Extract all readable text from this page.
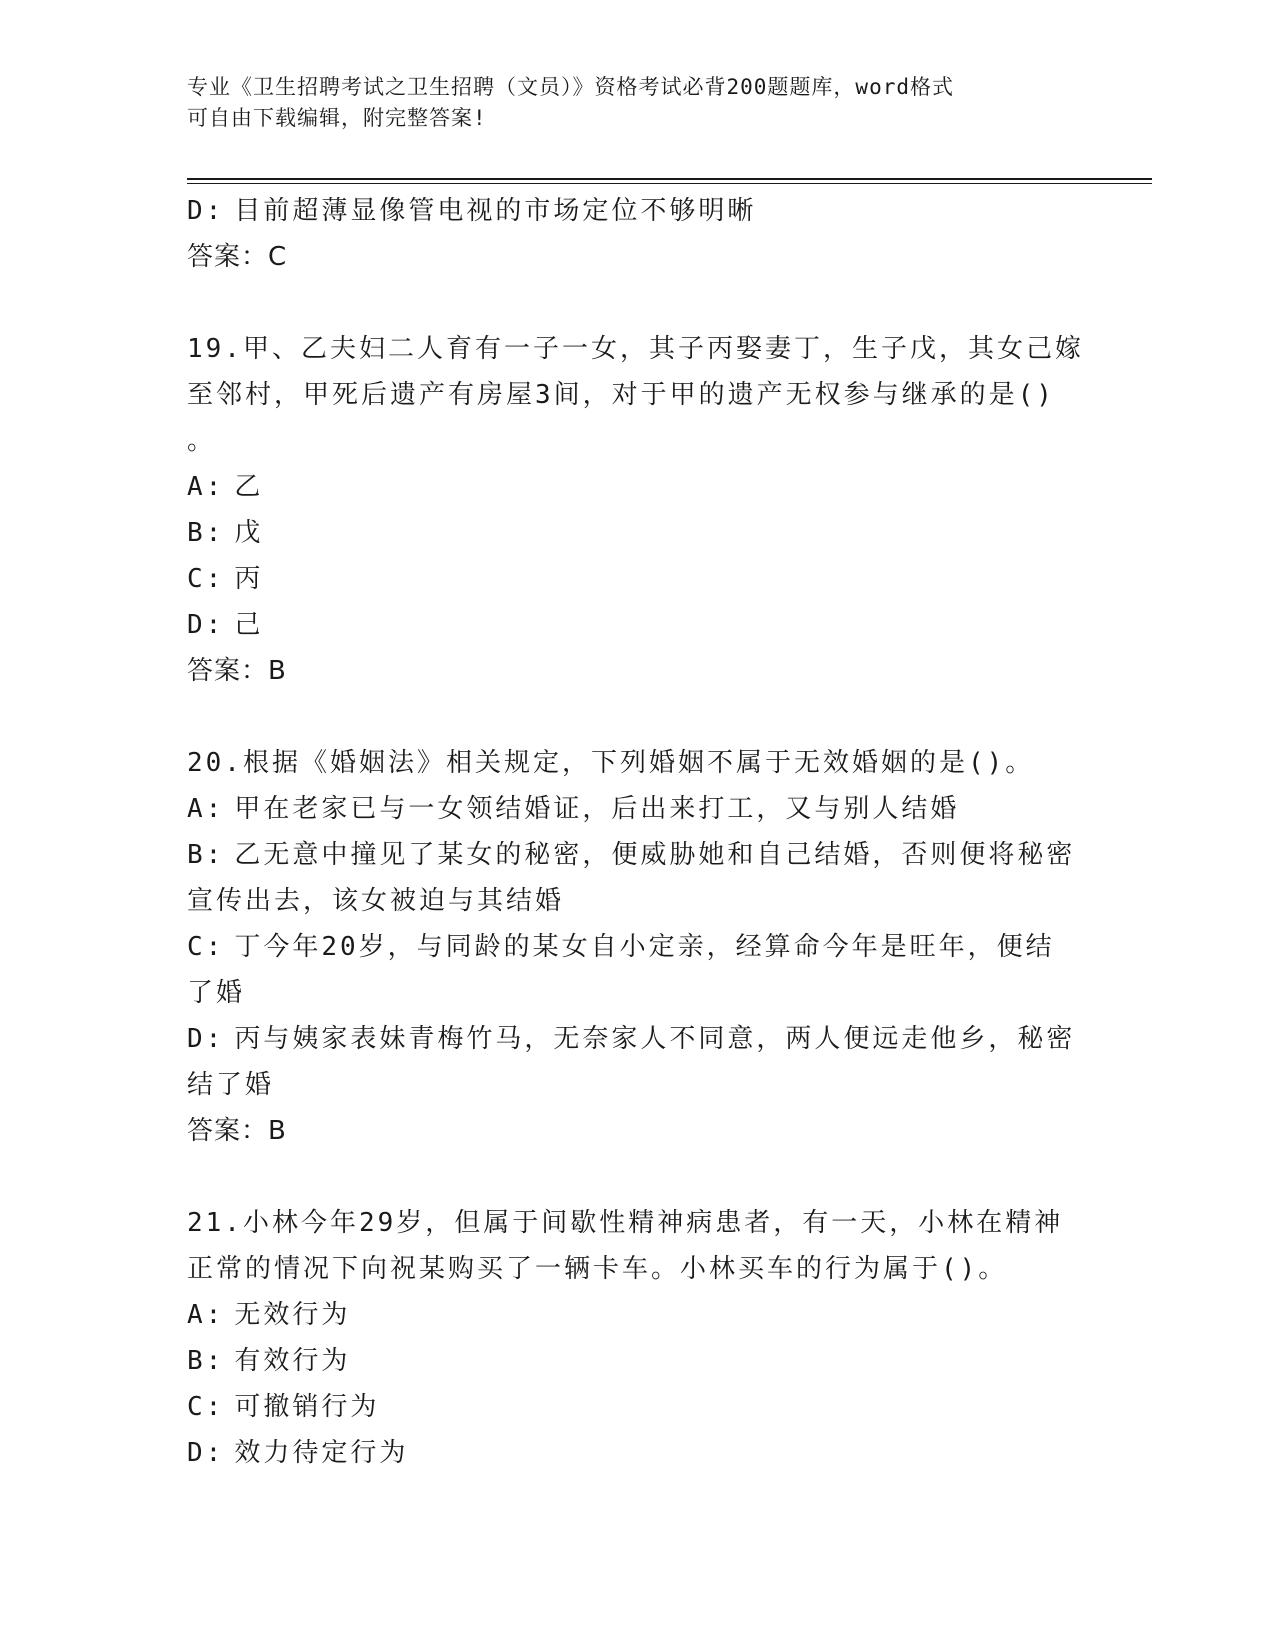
专业《卫生招聘考试之卫生招聘（文员）》资格考试必背200题题库，word格式
可自由下载编辑，附完整答案!
D: 目前超薄显像管电视的市场定位不够明晰
答案：C
19.甲、乙夫妇二人育有一子一女，其子丙娶妻丁，生子戊，其女己嫁
至邻村，甲死后遗产有房屋3间，对于甲的遗产无权参与继承的是()
。
A: 乙
B: 戊
C: 丙
D: 己
答案：B
20.根据《婚姻法》相关规定，下列婚姻不属于无效婚姻的是()。
A: 甲在老家已与一女领结婚证，后出来打工，又与别人结婚
B: 乙无意中撞见了某女的秘密，便威胁她和自己结婚，否则便将秘密
宣传出去，该女被迫与其结婚
C: 丁今年20岁，与同龄的某女自小定亲，经算命今年是旺年，便结
了婚
D: 丙与姨家表妹青梅竹马，无奈家人不同意，两人便远走他乡，秘密
结了婚
答案：B
21.小林今年29岁，但属于间歇性精神病患者，有一天，小林在精神
正常的情况下向祝某购买了一辆卡车。小林买车的行为属于()。
A: 无效行为
B: 有效行为
C: 可撤销行为
D: 效力待定行为
